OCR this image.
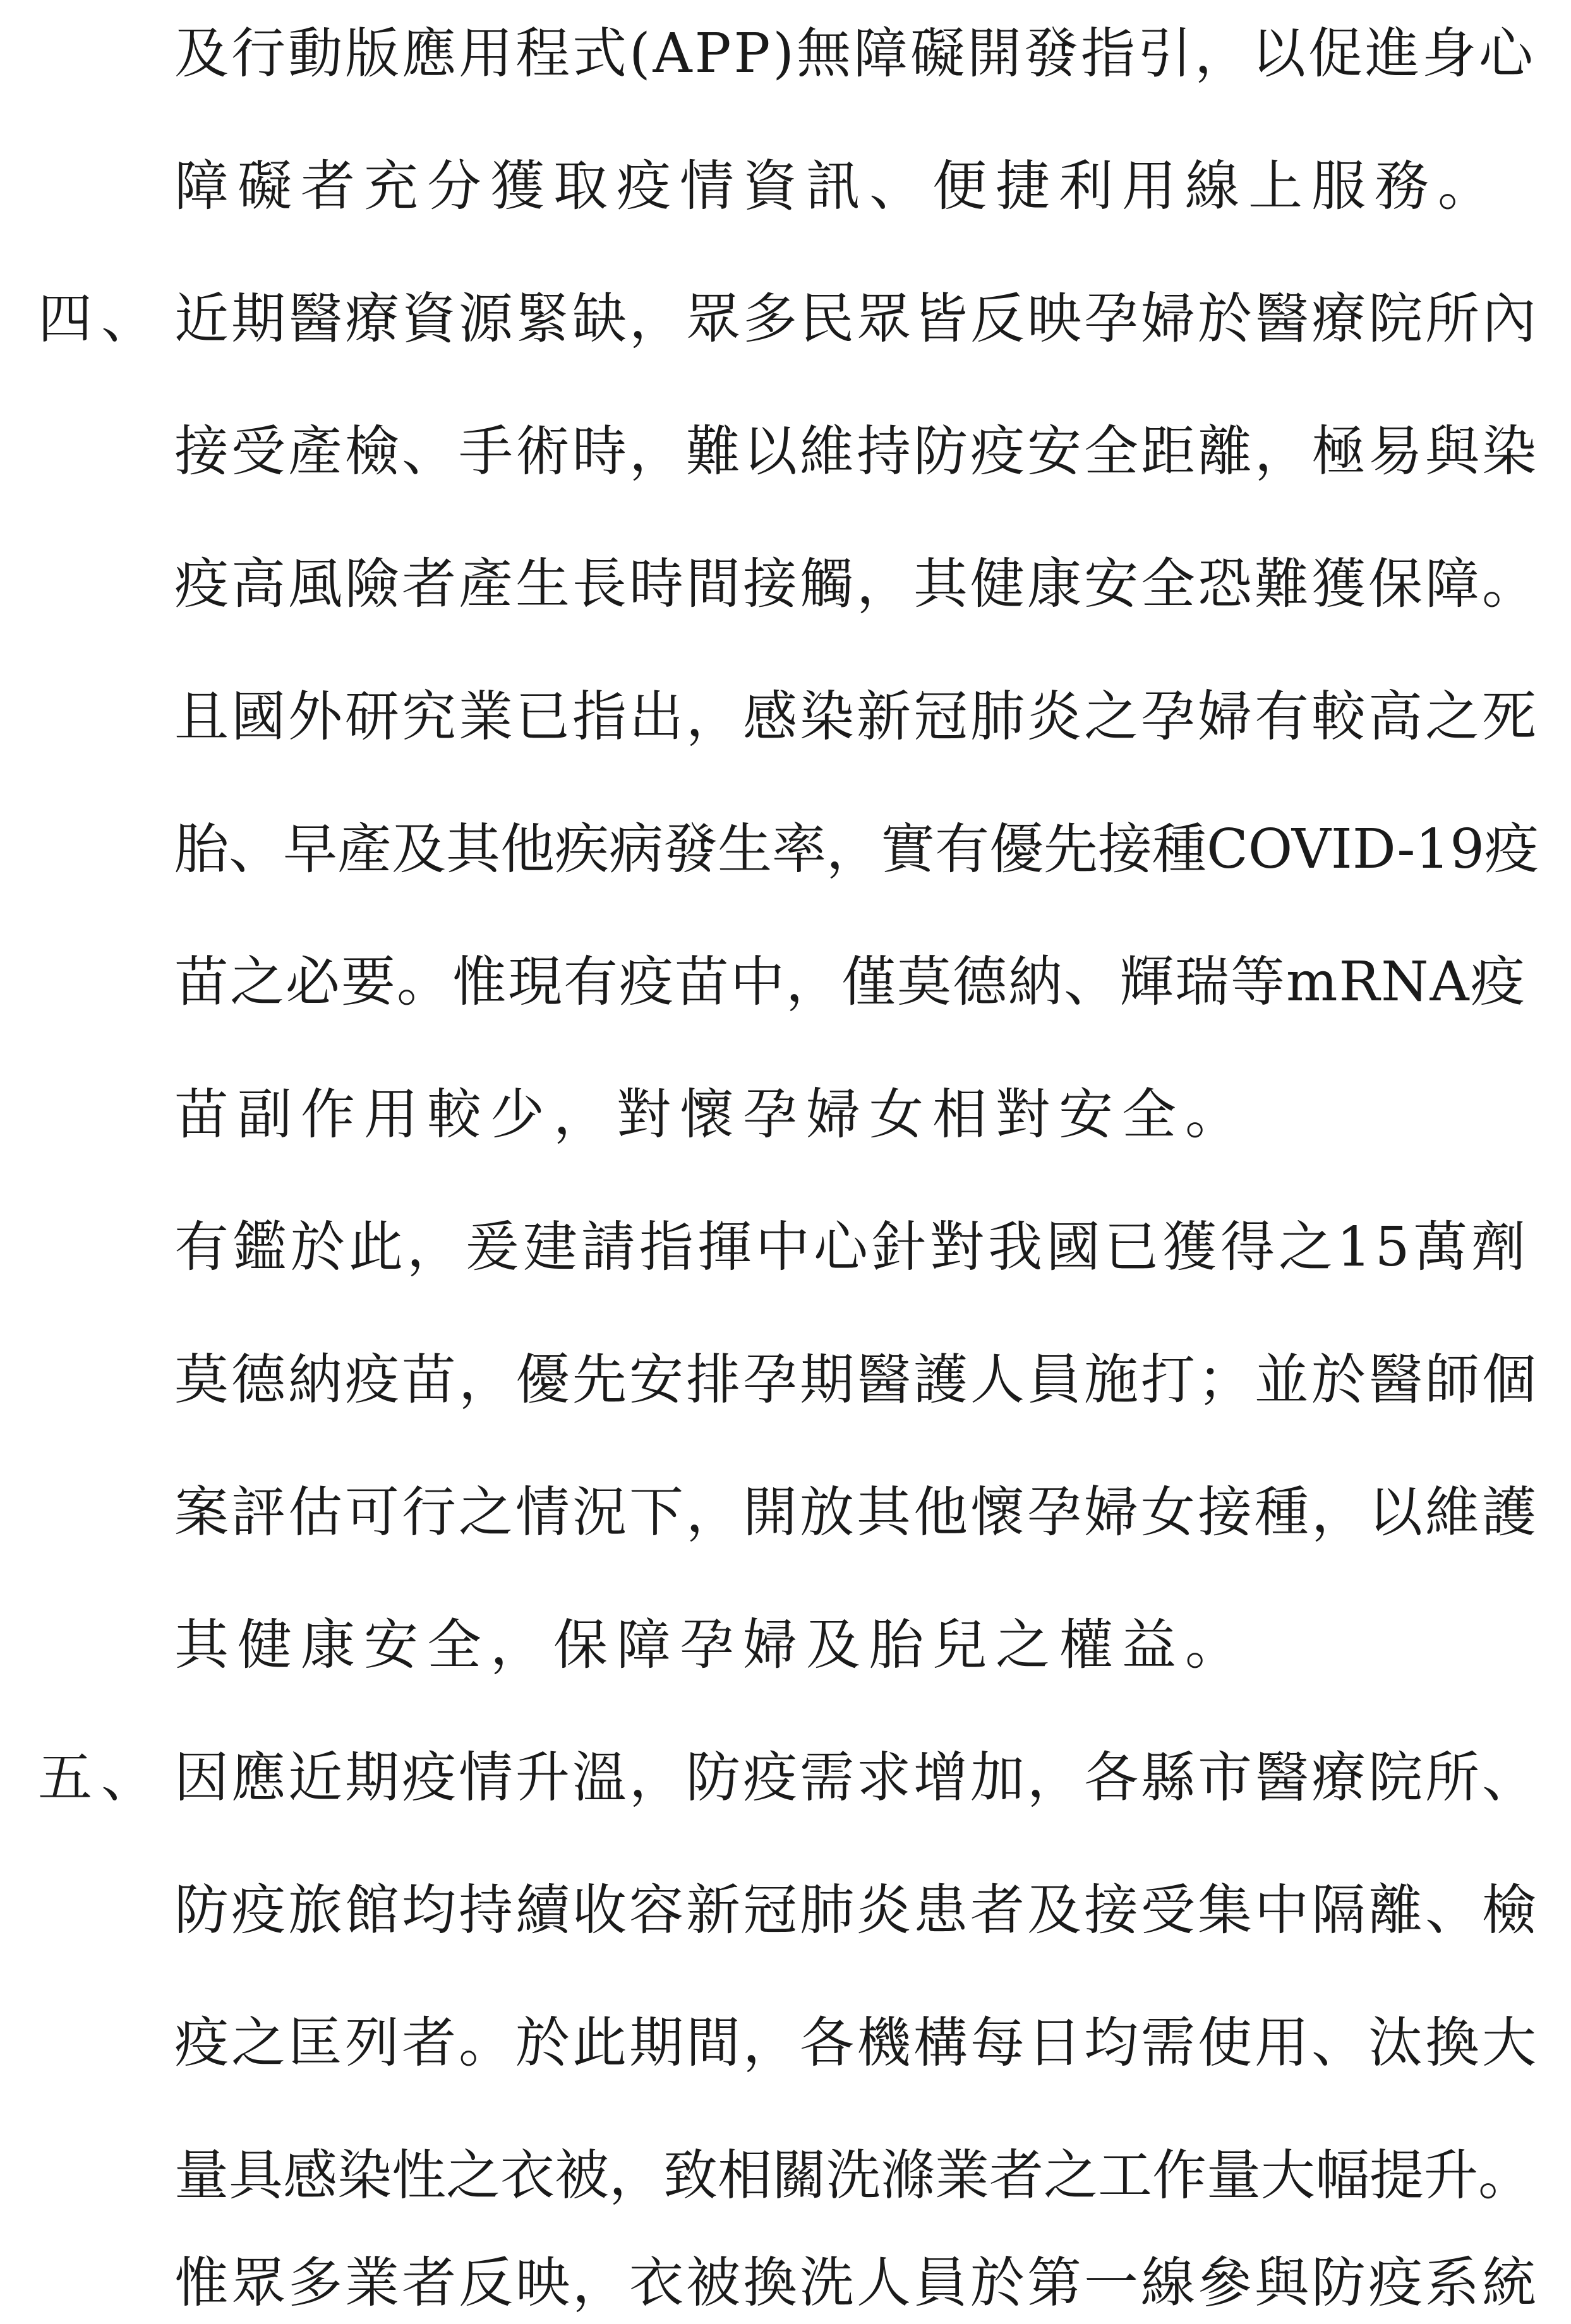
及行動版應用程式(APP)無障礙開發指引，以促進身心
障礙者充分獲取疫情資訊、便捷利用線上服務。
四、 近期醫療資源緊缺，眾多民眾皆反映孕婦於醫療院所內
接受產檢、手術時，難以維持防疫安全距離，極易與染
疫高風險者產生長時間接觸，其健康安全恐難獲保障。
且國外研究業已指出，感染新冠肺炎之孕婦有較高之死
胎、早產及其他疾病發生率，實有優先接種COVID-19疫
苗之必要。惟現有疫苗中，僅莫德納、輝瑞等mRNA疫
苗副作用較少，對懷孕婦女相對安全。
有鑑於此，爰建請指揮中心針對我國已獲得之15萬劑
莫德納疫苗，優先安排孕期醫護人員施打；並於醫師個
案評估可行之情況下，開放其他懷孕婦女接種，以維護
其健康安全，保障孕婦及胎兒之權益。
五、 因應近期疫情升溫，防疫需求增加，各縣市醫療院所、
防疫旅館均持續收容新冠肺炎患者及接受集中隔離、檢
疫之匡列者。於此期間，各機構每日均需使用、汰換大
量具感染性之衣被，致相關洗滌業者之工作量大幅提升。
惟眾多業者反映，衣被換洗人員於第一線參與防疫系統
